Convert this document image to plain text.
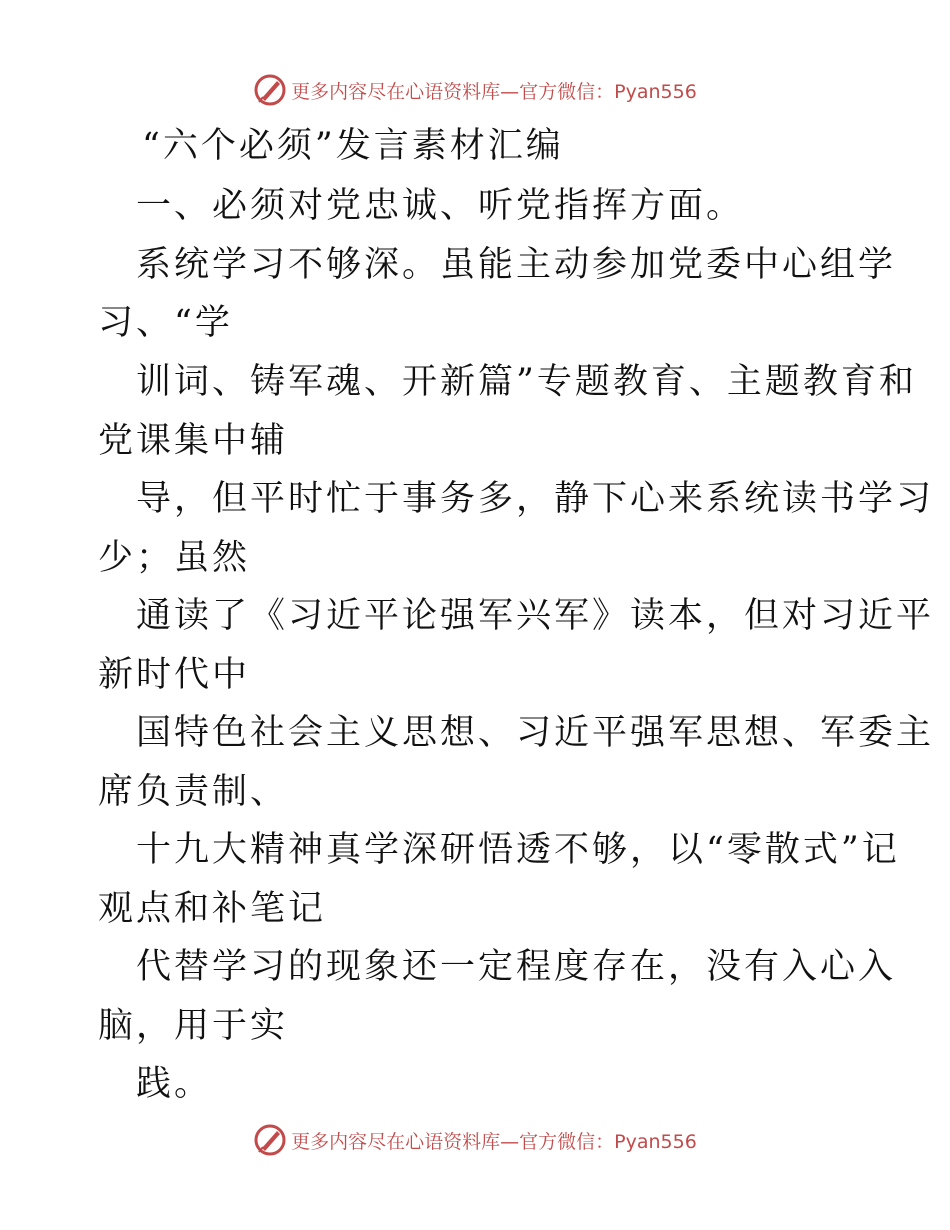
更多内容尽在心语资料库—官方微信：Pyan556
“六个必须”发言素材汇编
一、必须对党忠诚、听党指挥方面。
系统学习不够深。虽能主动参加党委中心组学
习、“学
训词、铸军魂、开新篇”专题教育、主题教育和
党课集中辅
导，但平时忙于事务多，静下心来系统读书学习
少；虽然
通读了《习近平论强军兴军》读本，但对习近平
新时代中
国特色社会主义思想、习近平强军思想、军委主
席负责制、
十九大精神真学深研悟透不够，以“零散式”记
观点和补笔记
代替学习的现象还一定程度存在，没有入心入
脑，用于实
践。
更多内容尽在心语资料库—官方微信：Pyan556
